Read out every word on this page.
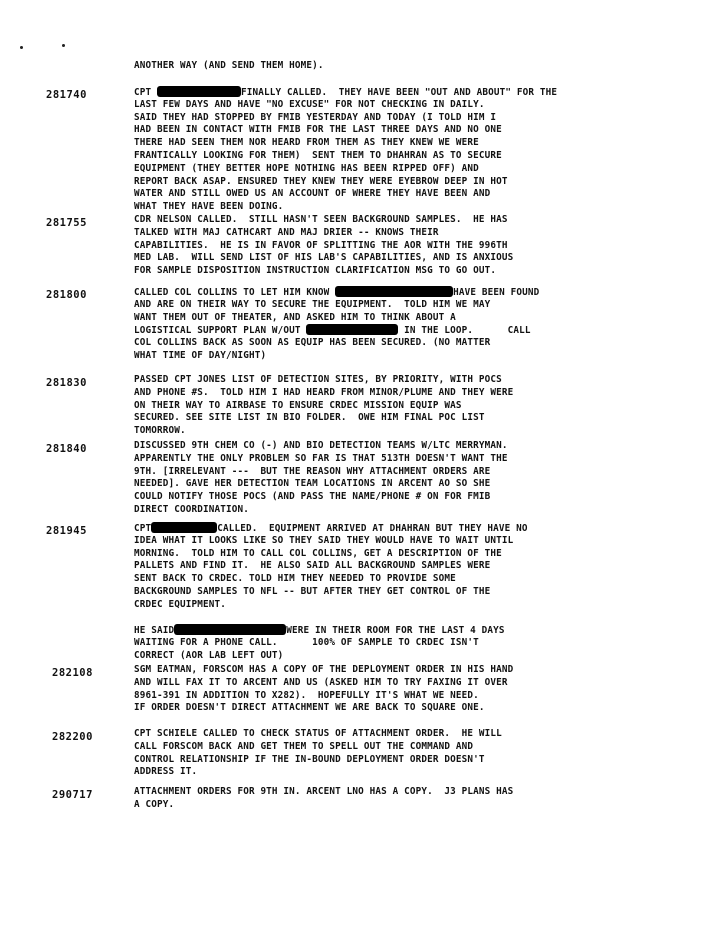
ANOTHER WAY (AND SEND THEM HOME).
281740	CPT	FINALLY CALLED.  THEY HAVE BEEN "OUT AND ABOUT" FOR THE
LAST FEW DAYS AND HAVE "NO EXCUSE" FOR NOT CHECKING IN DAILY.
SAID THEY HAD STOPPED BY FMIB YESTERDAY AND TODAY (I TOLD HIM I
HAD BEEN IN CONTACT WITH FMIB FOR THE LAST THREE DAYS AND NO ONE
THERE HAD SEEN THEM NOR HEARD FROM THEM AS THEY KNEW WE WERE
FRANTICALLY LOOKING FOR THEM)  SENT THEM TO DHAHRAN AS TO SECURE
EQUIPMENT (THEY BETTER HOPE NOTHING HAS BEEN RIPPED OFF) AND
REPORT BACK ASAP. ENSURED THEY KNEW THEY WERE EYEBROW DEEP IN HOT
WATER AND STILL OWED US AN ACCOUNT OF WHERE THEY HAVE BEEN AND
WHAT THEY HAVE BEEN DOING.
281755	CDR NELSON CALLED.  STILL HASN'T SEEN BACKGROUND SAMPLES.  HE HAS
TALKED WITH MAJ CATHCART AND MAJ DRIER -- KNOWS THEIR
CAPABILITIES.  HE IS IN FAVOR OF SPLITTING THE AOR WITH THE 996TH
MED LAB.  WILL SEND LIST OF HIS LAB'S CAPABILITIES, AND IS ANXIOUS
FOR SAMPLE DISPOSITION INSTRUCTION CLARIFICATION MSG TO GO OUT.
281800	CALLED COL COLLINS TO LET HIM KNOW	HAVE BEEN FOUND
AND ARE ON THEIR WAY TO SECURE THE EQUIPMENT.  TOLD HIM WE MAY
WANT THEM OUT OF THEATER, AND ASKED HIM TO THINK ABOUT A
LOGISTICAL SUPPORT PLAN W/OUT	IN THE LOOP.      CALL
COL COLLINS BACK AS SOON AS EQUIP HAS BEEN SECURED. (NO MATTER
WHAT TIME OF DAY/NIGHT)
281830	PASSED CPT JONES LIST OF DETECTION SITES, BY PRIORITY, WITH POCS
AND PHONE #S.  TOLD HIM I HAD HEARD FROM MINOR/PLUME AND THEY WERE
ON THEIR WAY TO AIRBASE TO ENSURE CRDEC MISSION EQUIP WAS
SECURED. SEE SITE LIST IN BIO FOLDER.  OWE HIM FINAL POC LIST
TOMORROW.
281840	DISCUSSED 9TH CHEM CO (-) AND BIO DETECTION TEAMS W/LTC MERRYMAN.
APPARENTLY THE ONLY PROBLEM SO FAR IS THAT 513TH DOESN'T WANT THE
9TH. [IRRELEVANT ---  BUT THE REASON WHY ATTACHMENT ORDERS ARE
NEEDED]. GAVE HER DETECTION TEAM LOCATIONS IN ARCENT AO SO SHE
COULD NOTIFY THOSE POCS (AND PASS THE NAME/PHONE # ON FOR FMIB
DIRECT COORDINATION.
281945	CPT	CALLED.  EQUIPMENT ARRIVED AT DHAHRAN BUT THEY HAVE NO
IDEA WHAT IT LOOKS LIKE SO THEY SAID THEY WOULD HAVE TO WAIT UNTIL
MORNING.  TOLD HIM TO CALL COL COLLINS, GET A DESCRIPTION OF THE
PALLETS AND FIND IT.  HE ALSO SAID ALL BACKGROUND SAMPLES WERE
SENT BACK TO CRDEC. TOLD HIM THEY NEEDED TO PROVIDE SOME
BACKGROUND SAMPLES TO NFL -- BUT AFTER THEY GET CONTROL OF THE
CRDEC EQUIPMENT.
HE SAID	WERE IN THEIR ROOM FOR THE LAST 4 DAYS
WAITING FOR A PHONE CALL.      100% OF SAMPLE TO CRDEC ISN'T
CORRECT (AOR LAB LEFT OUT)
282108	SGM EATMAN, FORSCOM HAS A COPY OF THE DEPLOYMENT ORDER IN HIS HAND
AND WILL FAX IT TO ARCENT AND US (ASKED HIM TO TRY FAXING IT OVER
8961-391 IN ADDITION TO X282).  HOPEFULLY IT'S WHAT WE NEED.
IF ORDER DOESN'T DIRECT ATTACHMENT WE ARE BACK TO SQUARE ONE.
282200	CPT SCHIELE CALLED TO CHECK STATUS OF ATTACHMENT ORDER.  HE WILL
CALL FORSCOM BACK AND GET THEM TO SPELL OUT THE COMMAND AND
CONTROL RELATIONSHIP IF THE IN-BOUND DEPLOYMENT ORDER DOESN'T
ADDRESS IT.
290717	ATTACHMENT ORDERS FOR 9TH IN. ARCENT LNO HAS A COPY.  J3 PLANS HAS
A COPY.
